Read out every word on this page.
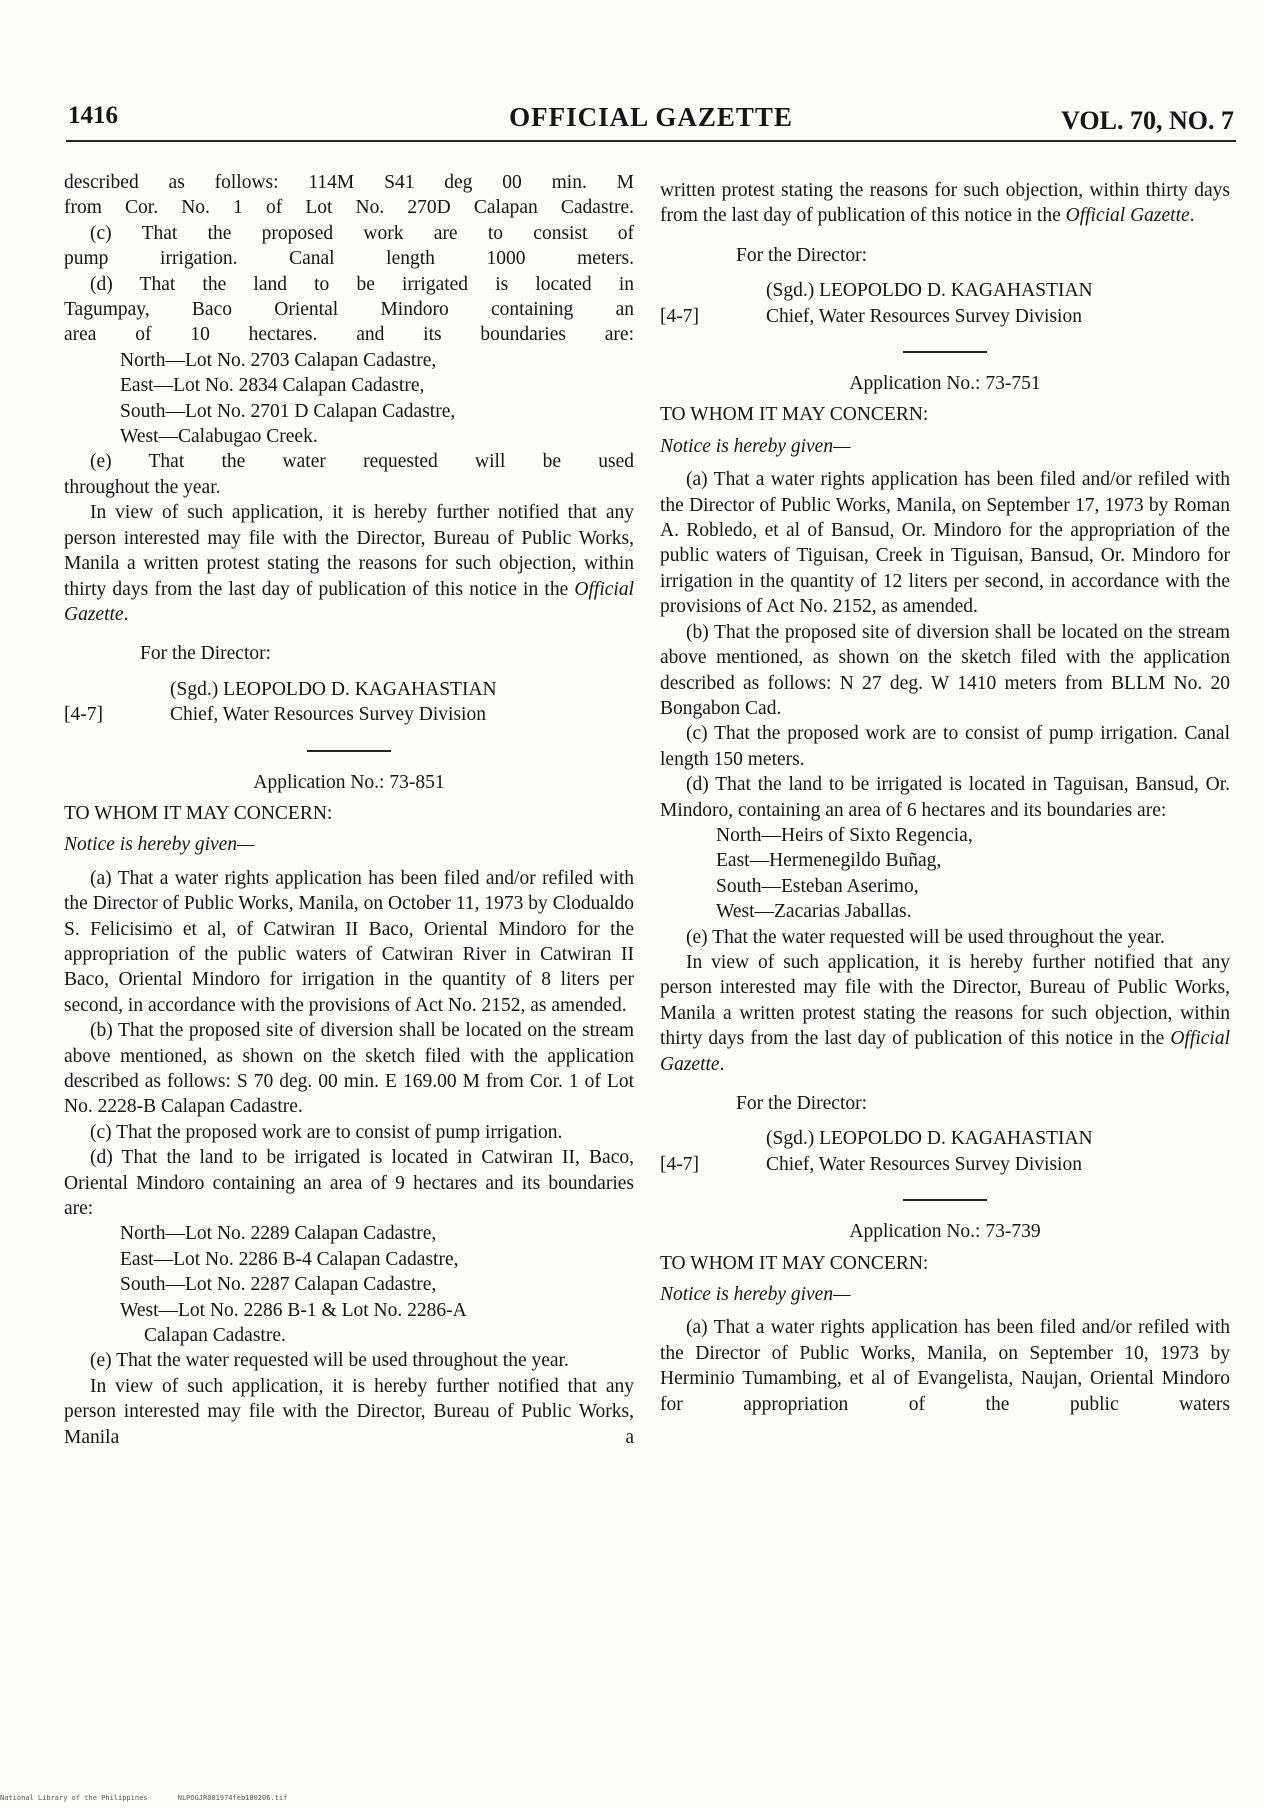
1416	OFFICIAL GAZETTE	VOL. 70, NO. 7

described as follows: 114M S41 deg 00 min. M

from Cor. No. 1 of Lot No. 270D Calapan Cadastre.

(c) That the proposed work are to consist of

pump irrigation. Canal length 1000 meters.

(d) That the land to be irrigated is located in

Tagumpay, Baco Oriental Mindoro containing an

area of 10 hectares. and its boundaries are:

North—Lot No. 2703 Calapan Cadastre,

East—Lot No. 2834 Calapan Cadastre,

South—Lot No. 2701 D Calapan Cadastre,

West—Calabugao Creek.

(e) That the water requested will be used

throughout the year.

In view of such application, it is hereby further notified that any person interested may file with the Director, Bureau of Public Works, Manila a written protest stating the reasons for such objection, within thirty days from the last day of publication of this notice in the Official Gazette.

For the Director:

(Sgd.) LEOPOLDO D. KAGAHASTIAN

[4-7]	Chief, Water Resources Survey Division

Application No.: 73-851

TO WHOM IT MAY CONCERN:

Notice is hereby given—

(a) That a water rights application has been filed and/or refiled with the Director of Public Works, Manila, on October 11, 1973 by Clodualdo S. Felicisimo et al, of Catwiran II Baco, Oriental Mindoro for the appropriation of the public waters of Catwiran River in Catwiran II Baco, Oriental Mindoro for irrigation in the quantity of 8 liters per second, in accordance with the provisions of Act No. 2152, as amended.

(b) That the proposed site of diversion shall be located on the stream above mentioned, as shown on the sketch filed with the application described as follows: S 70 deg. 00 min. E 169.00 M from Cor. 1 of Lot No. 2228-B Calapan Cadastre.

(c) That the proposed work are to consist of pump irrigation.

(d) That the land to be irrigated is located in Catwiran II, Baco, Oriental Mindoro containing an area of 9 hectares and its boundaries are:

North—Lot No. 2289 Calapan Cadastre,

East—Lot No. 2286 B-4 Calapan Cadastre,

South—Lot No. 2287 Calapan Cadastre,

West—Lot No. 2286 B-1 & Lot No. 2286-A

Calapan Cadastre.

(e) That the water requested will be used throughout the year.

In view of such application, it is hereby further notified that any person interested may file with the Director, Bureau of Public Works, Manila a

written protest stating the reasons for such objection, within thirty days from the last day of publication of this notice in the Official Gazette.

For the Director:

(Sgd.) LEOPOLDO D. KAGAHASTIAN

[4-7]	Chief, Water Resources Survey Division

Application No.: 73-751

TO WHOM IT MAY CONCERN:

Notice is hereby given—

(a) That a water rights application has been filed and/or refiled with the Director of Public Works, Manila, on September 17, 1973 by Roman A. Robledo, et al of Bansud, Or. Mindoro for the appropriation of the public waters of Tiguisan, Creek in Tiguisan, Bansud, Or. Mindoro for irrigation in the quantity of 12 liters per second, in accordance with the provisions of Act No. 2152, as amended.

(b) That the proposed site of diversion shall be located on the stream above mentioned, as shown on the sketch filed with the application described as follows: N 27 deg. W 1410 meters from BLLM No. 20 Bongabon Cad.

(c) That the proposed work are to consist of pump irrigation. Canal length 150 meters.

(d) That the land to be irrigated is located in Taguisan, Bansud, Or. Mindoro, containing an area of 6 hectares and its boundaries are:

North—Heirs of Sixto Regencia,

East—Hermenegildo Buñag,

South—Esteban Aserimo,

West—Zacarias Jaballas.

(e) That the water requested will be used throughout the year.

In view of such application, it is hereby further notified that any person interested may file with the Director, Bureau of Public Works, Manila a written protest stating the reasons for such objection, within thirty days from the last day of publication of this notice in the Official Gazette.

For the Director:

(Sgd.) LEOPOLDO D. KAGAHASTIAN

[4-7]	Chief, Water Resources Survey Division

Application No.: 73-739

TO WHOM IT MAY CONCERN:

Notice is hereby given—

(a) That a water rights application has been filed and/or refiled with the Director of Public Works, Manila, on September 10, 1973 by Herminio Tumambing, et al of Evangelista, Naujan, Oriental Mindoro for appropriation of the public waters

National Library of the Philippines	NLPOGJR001974feb180206.tif
